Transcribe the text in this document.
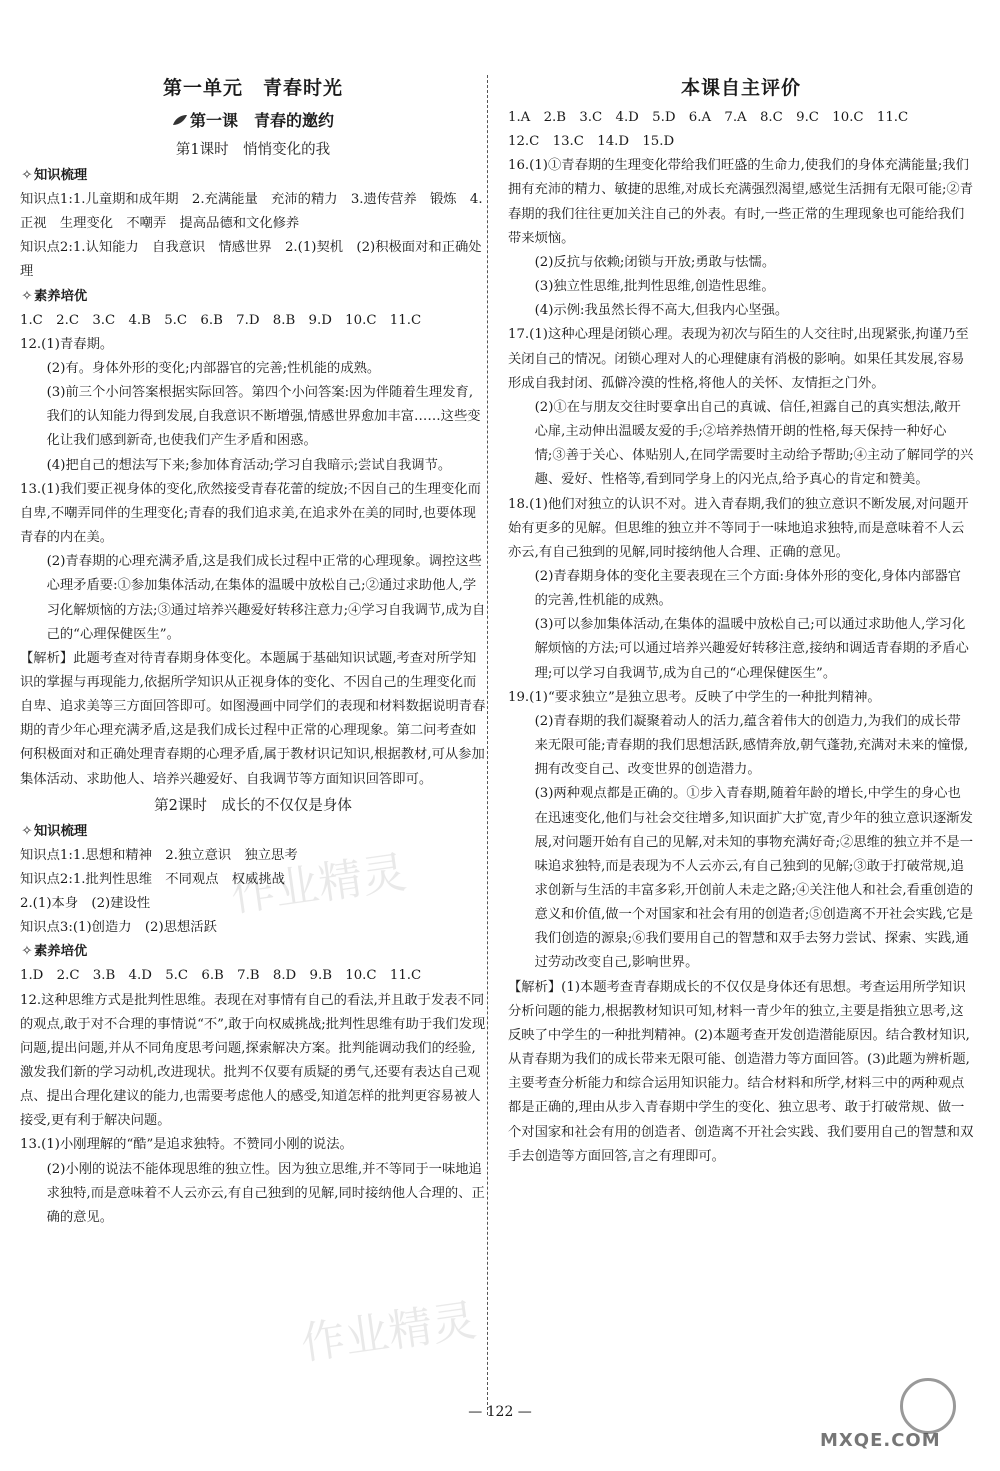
第一单元　青春时光
第一课　青春的邀约
第1课时　悄悄变化的我
✧知识梳理
知识点1:1.儿童期和成年期　2.充满能量　充沛的精力　3.遗传营养　锻炼　4.正视　生理变化　不嘲弄　提高品德和文化修养
知识点2:1.认知能力　自我意识　情感世界　2.(1)契机　(2)积极面对和正确处理
✧素养培优
1.C　2.C　3.C　4.B　5.C　6.B　7.D　8.B　9.D　10.C　11.C
12.(1)青春期。
(2)有。身体外形的变化;内部器官的完善;性机能的成熟。
(3)前三个小问答案根据实际回答。第四个小问答案:因为伴随着生理发育,我们的认知能力得到发展,自我意识不断增强,情感世界愈加丰富……这些变化让我们感到新奇,也使我们产生矛盾和困惑。
(4)把自己的想法写下来;参加体育活动;学习自我暗示;尝试自我调节。
13.(1)我们要正视身体的变化,欣然接受青春花蕾的绽放;不因自己的生理变化而自卑,不嘲弄同伴的生理变化;青春的我们追求美,在追求外在美的同时,也要体现青春的内在美。
(2)青春期的心理充满矛盾,这是我们成长过程中正常的心理现象。调控这些心理矛盾要:①参加集体活动,在集体的温暖中放松自己;②通过求助他人,学习化解烦恼的方法;③通过培养兴趣爱好转移注意力;④学习自我调节,成为自己的“心理保健医生”。
【解析】此题考查对待青春期身体变化。本题属于基础知识试题,考查对所学知识的掌握与再现能力,依据所学知识从正视身体的变化、不因自己的生理变化而自卑、追求美等三方面回答即可。如图漫画中同学们的表现和材料数据说明青春期的青少年心理充满矛盾,这是我们成长过程中正常的心理现象。第二问考查如何积极面对和正确处理青春期的心理矛盾,属于教材识记知识,根据教材,可从参加集体活动、求助他人、培养兴趣爱好、自我调节等方面知识回答即可。
第2课时　成长的不仅仅是身体
✧知识梳理
知识点1:1.思想和精神　2.独立意识　独立思考
知识点2:1.批判性思维　不同观点　权威挑战
2.(1)本身　(2)建设性
知识点3:(1)创造力　(2)思想活跃
✧素养培优
1.D　2.C　3.B　4.D　5.C　6.B　7.B　8.D　9.B　10.C　11.C
12.这种思维方式是批判性思维。表现在对事情有自己的看法,并且敢于发表不同的观点,敢于对不合理的事情说“不”,敢于向权威挑战;批判性思维有助于我们发现问题,提出问题,并从不同角度思考问题,探索解决方案。批判能调动我们的经验,激发我们新的学习动机,改进现状。批判不仅要有质疑的勇气,还要有表达自己观点、提出合理化建议的能力,也需要考虑他人的感受,知道怎样的批判更容易被人接受,更有利于解决问题。
13.(1)小刚理解的“酷”是追求独特。不赞同小刚的说法。
(2)小刚的说法不能体现思维的独立性。因为独立思维,并不等同于一味地追求独特,而是意味着不人云亦云,有自己独到的见解,同时接纳他人合理的、正确的意见。
本课自主评价
1.A　2.B　3.C　4.D　5.D　6.A　7.A　8.C　9.C　10.C　11.C
12.C　13.C　14.D　15.D
16.(1)①青春期的生理变化带给我们旺盛的生命力,使我们的身体充满能量;我们拥有充沛的精力、敏捷的思维,对成长充满强烈渴望,感觉生活拥有无限可能;②青春期的我们往往更加关注自己的外表。有时,一些正常的生理现象也可能给我们带来烦恼。
(2)反抗与依赖;闭锁与开放;勇敢与怯懦。
(3)独立性思维,批判性思维,创造性思维。
(4)示例:我虽然长得不高大,但我内心坚强。
17.(1)这种心理是闭锁心理。表现为初次与陌生的人交往时,出现紧张,拘谨乃至关闭自己的情况。闭锁心理对人的心理健康有消极的影响。如果任其发展,容易形成自我封闭、孤僻冷漠的性格,将他人的关怀、友情拒之门外。
(2)①在与朋友交往时要拿出自己的真诚、信任,袒露自己的真实想法,敞开心扉,主动伸出温暖友爱的手;②培养热情开朗的性格,每天保持一种好心情;③善于关心、体贴别人,在同学需要时主动给予帮助;④主动了解同学的兴趣、爱好、性格等,看到同学身上的闪光点,给予真心的肯定和赞美。
18.(1)他们对独立的认识不对。进入青春期,我们的独立意识不断发展,对问题开始有更多的见解。但思维的独立并不等同于一味地追求独特,而是意味着不人云亦云,有自己独到的见解,同时接纳他人合理、正确的意见。
(2)青春期身体的变化主要表现在三个方面:身体外形的变化,身体内部器官的完善,性机能的成熟。
(3)可以参加集体活动,在集体的温暖中放松自己;可以通过求助他人,学习化解烦恼的方法;可以通过培养兴趣爱好转移注意,接纳和调适青春期的矛盾心理;可以学习自我调节,成为自己的“心理保健医生”。
19.(1)“要求独立”是独立思考。反映了中学生的一种批判精神。
(2)青春期的我们凝聚着动人的活力,蕴含着伟大的创造力,为我们的成长带来无限可能;青春期的我们思想活跃,感情奔放,朝气蓬勃,充满对未来的憧憬,拥有改变自己、改变世界的创造潜力。
(3)两种观点都是正确的。①步入青春期,随着年龄的增长,中学生的身心也在迅速变化,他们与社会交往增多,知识面扩大扩宽,青少年的独立意识逐渐发展,对问题开始有自己的见解,对未知的事物充满好奇;②思维的独立并不是一味追求独特,而是表现为不人云亦云,有自己独到的见解;③敢于打破常规,追求创新与生活的丰富多彩,开创前人未走之路;④关注他人和社会,看重创造的意义和价值,做一个对国家和社会有用的创造者;⑤创造离不开社会实践,它是我们创造的源泉;⑥我们要用自己的智慧和双手去努力尝试、探索、实践,通过劳动改变自己,影响世界。
【解析】(1)本题考查青春期成长的不仅仅是身体还有思想。考查运用所学知识分析问题的能力,根据教材知识可知,材料一青少年的独立,主要是指独立思考,这反映了中学生的一种批判精神。(2)本题考查开发创造潜能原因。结合教材知识,从青春期为我们的成长带来无限可能、创造潜力等方面回答。(3)此题为辨析题,主要考查分析能力和综合运用知识能力。结合材料和所学,材料三中的两种观点都是正确的,理由从步入青春期中学生的变化、独立思考、敢于打破常规、做一个对国家和社会有用的创造者、创造离不开社会实践、我们要用自己的智慧和双手去创造等方面回答,言之有理即可。
作业精灵
作业精灵
— 122 —
MXQE.COM
